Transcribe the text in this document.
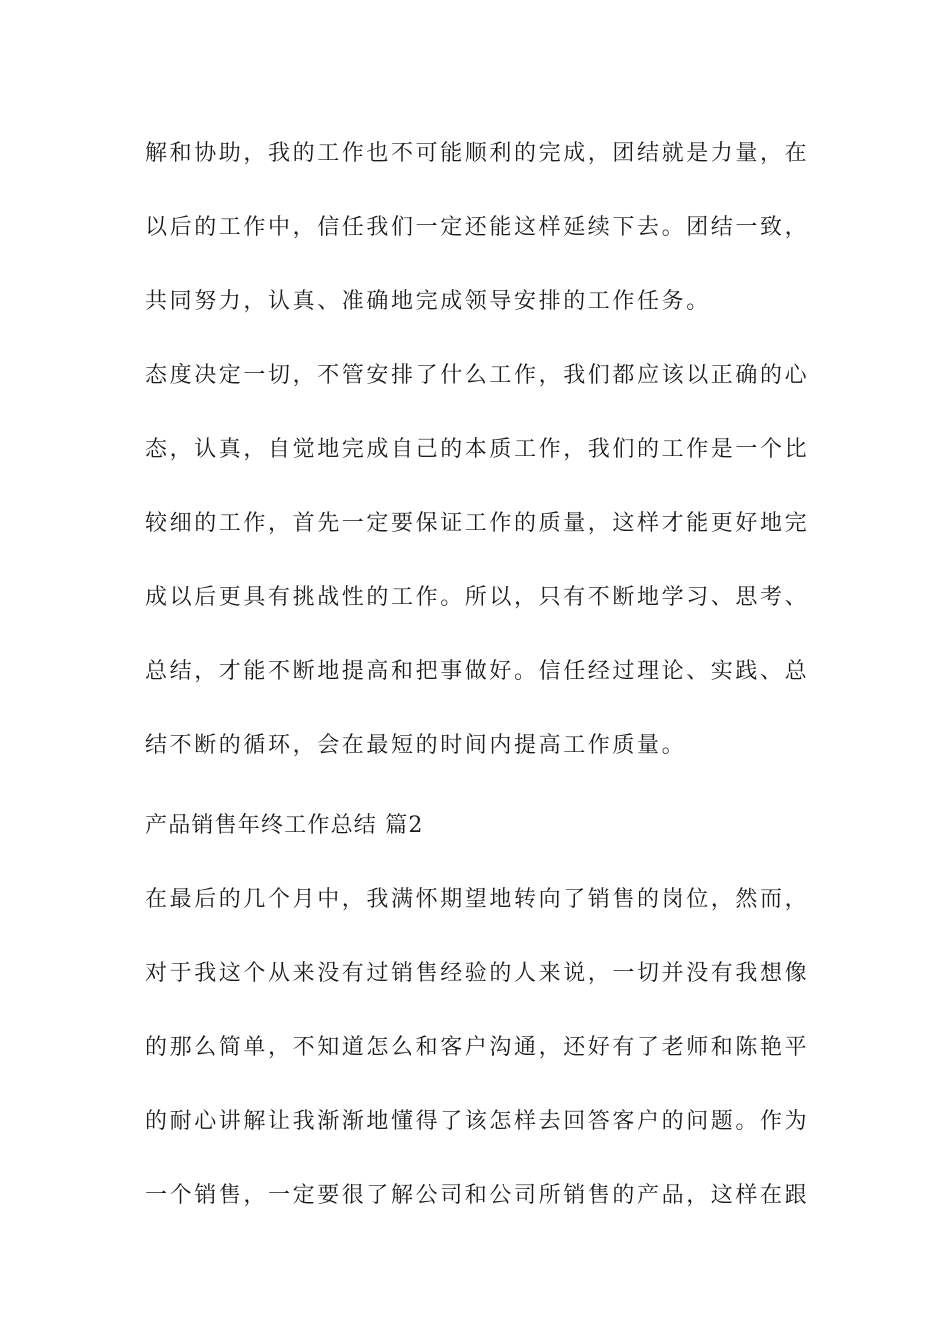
解和协助，我的工作也不可能顺利的完成，团结就是力量，在
以后的工作中，信任我们一定还能这样延续下去。团结一致，
共同努力，认真、准确地完成领导安排的工作任务。
态度决定一切，不管安排了什么工作，我们都应该以正确的心
态，认真，自觉地完成自己的本质工作，我们的工作是一个比
较细的工作，首先一定要保证工作的质量，这样才能更好地完
成以后更具有挑战性的工作。所以，只有不断地学习、思考、
总结，才能不断地提高和把事做好。信任经过理论、实践、总
结不断的循环，会在最短的时间内提高工作质量。
产品销售年终工作总结 篇2
在最后的几个月中，我满怀期望地转向了销售的岗位，然而，
对于我这个从来没有过销售经验的人来说，一切并没有我想像
的那么简单，不知道怎么和客户沟通，还好有了老师和陈艳平
的耐心讲解让我渐渐地懂得了该怎样去回答客户的问题。作为
一个销售，一定要很了解公司和公司所销售的产品，这样在跟
